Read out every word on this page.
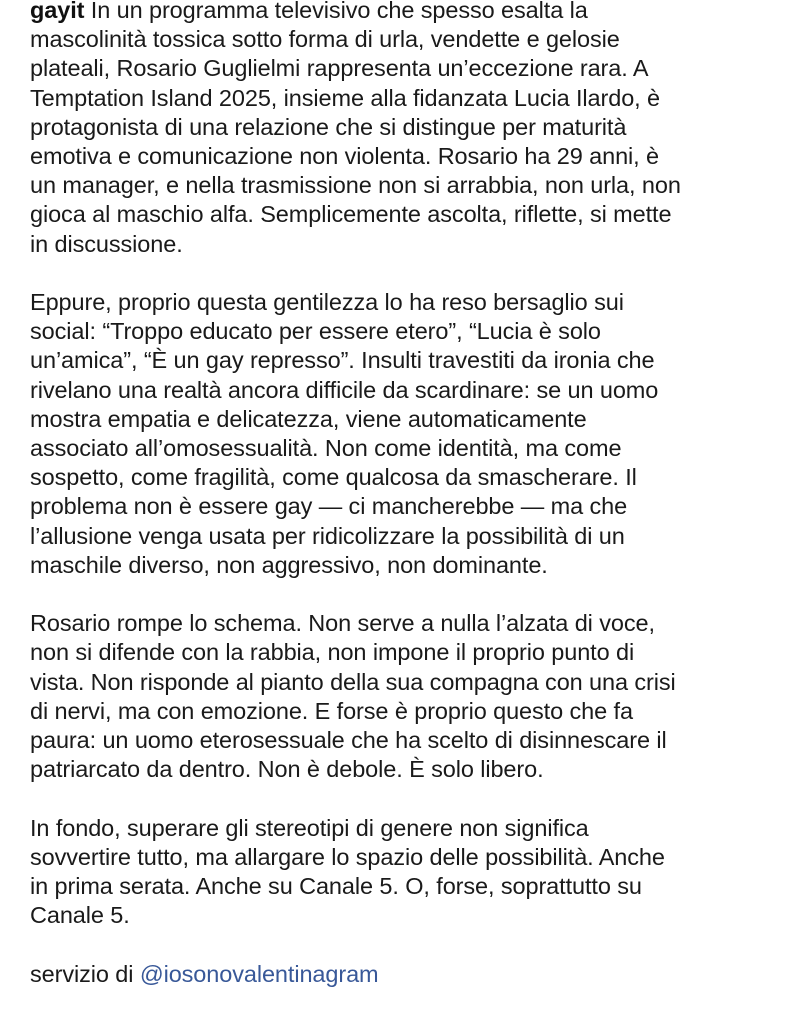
gayit In un programma televisivo che spesso esalta la
mascolinità tossica sotto forma di urla, vendette e gelosie
plateali, Rosario Guglielmi rappresenta un’eccezione rara. A
Temptation Island 2025, insieme alla fidanzata Lucia Ilardo, è
protagonista di una relazione che si distingue per maturità
emotiva e comunicazione non violenta. Rosario ha 29 anni, è
un manager, e nella trasmissione non si arrabbia, non urla, non
gioca al maschio alfa. Semplicemente ascolta, riflette, si mette
in discussione.

Eppure, proprio questa gentilezza lo ha reso bersaglio sui
social: “Troppo educato per essere etero”, “Lucia è solo
un’amica”, “È un gay represso”. Insulti travestiti da ironia che
rivelano una realtà ancora difficile da scardinare: se un uomo
mostra empatia e delicatezza, viene automaticamente
associato all’omosessualità. Non come identità, ma come
sospetto, come fragilità, come qualcosa da smascherare. Il
problema non è essere gay — ci mancherebbe — ma che
l’allusione venga usata per ridicolizzare la possibilità di un
maschile diverso, non aggressivo, non dominante.

Rosario rompe lo schema. Non serve a nulla l’alzata di voce,
non si difende con la rabbia, non impone il proprio punto di
vista. Non risponde al pianto della sua compagna con una crisi
di nervi, ma con emozione. E forse è proprio questo che fa
paura: un uomo eterosessuale che ha scelto di disinnescare il
patriarcato da dentro. Non è debole. È solo libero.

In fondo, superare gli stereotipi di genere non significa
sovvertire tutto, ma allargare lo spazio delle possibilità. Anche
in prima serata. Anche su Canale 5. O, forse, soprattutto su
Canale 5.

servizio di @iosonovalentinagram
